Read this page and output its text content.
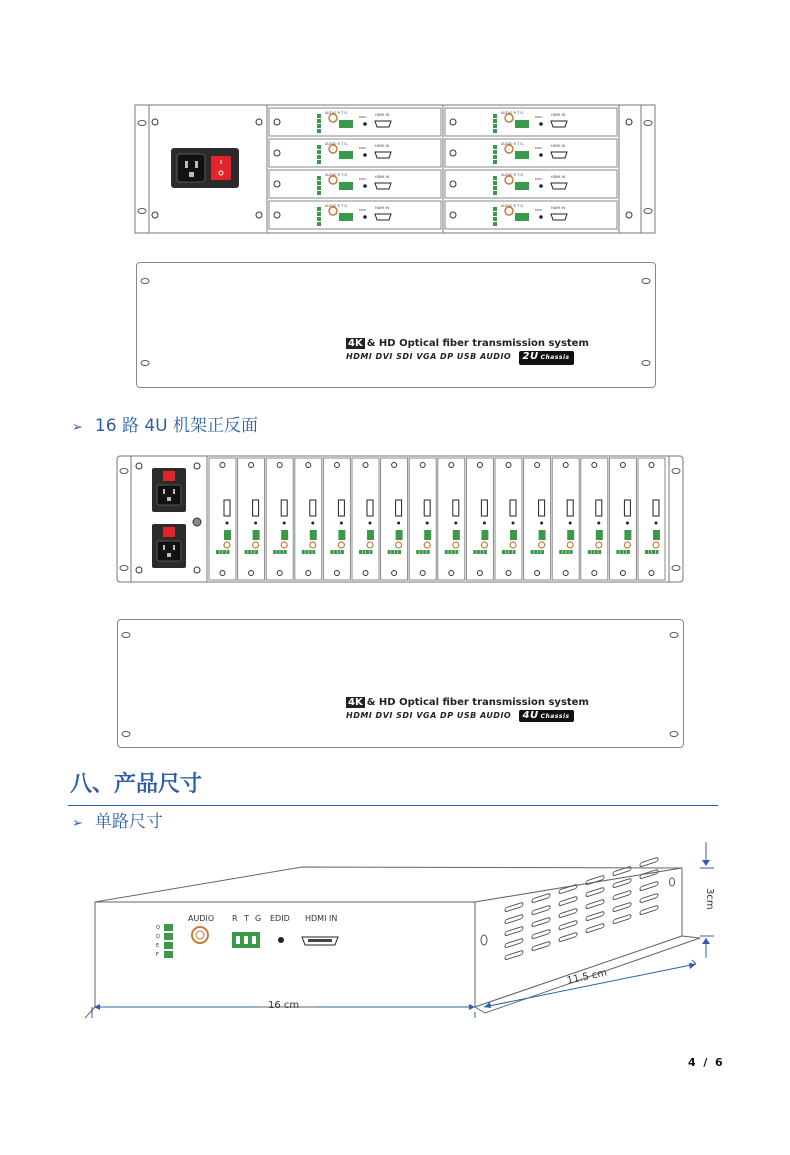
AUDIO R T G	HDMI IN
EDID
AUDIO R T G	HDMI IN
EDID
AUDIO R T G	HDMI IN
EDID
AUDIO R T G	HDMI IN
EDID
AUDIO R T G	HDMI IN
EDID
AUDIO R T G	HDMI IN
EDID
AUDIO R T G	HDMI IN
EDID
AUDIO R T G	HDMI IN
EDID
4K & HD Optical fiber transmission system
HDMI DVI SDI VGA DP USB AUDIO 2U Chassis
➢ 16 路 4U 机架正反面
4K & HD Optical fiber transmission system
HDMI DVI SDI VGA DP USB AUDIO 4U Chassis
八、产品尺寸
➢ 单路尺寸
Q
Q
E
F
AUDIO R T G EDID HDMI IN
16 cm
11.5 cm
3cm
4  /  6
